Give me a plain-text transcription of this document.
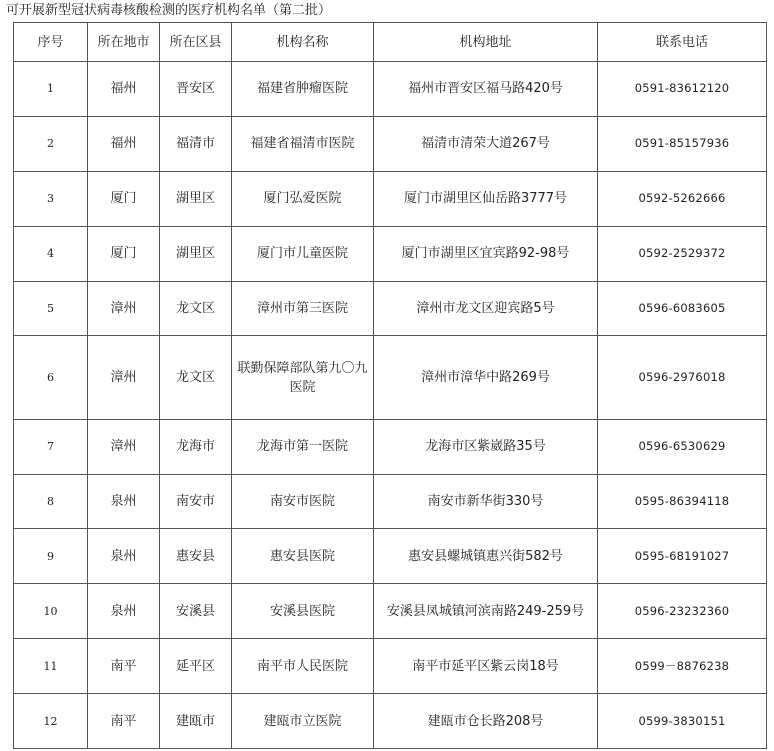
可开展新型冠状病毒核酸检测的医疗机构名单（第二批）
序号	所在地市	所在区县	机构名称	机构地址	联系电话
1	福州	晋安区	福建省肿瘤医院	福州市晋安区福马路420号	0591-83612120
2	福州	福清市	福建省福清市医院	福清市清荣大道267号	0591-85157936
3	厦门	湖里区	厦门弘爱医院	厦门市湖里区仙岳路3777号	0592-5262666
4	厦门	湖里区	厦门市儿童医院	厦门市湖里区宜宾路92-98号	0592-2529372
5	漳州	龙文区	漳州市第三医院	漳州市龙文区迎宾路5号	0596-6083605
6	漳州	龙文区	联勤保障部队第九〇九医院	漳州市漳华中路269号	0596-2976018
7	漳州	龙海市	龙海市第一医院	龙海市区紫崴路35号	0596-6530629
8	泉州	南安市	南安市医院	南安市新华街330号	0595-86394118
9	泉州	惠安县	惠安县医院	惠安县螺城镇惠兴街582号	0595-68191027
10	泉州	安溪县	安溪县医院	安溪县凤城镇河滨南路249-259号	0596-23232360
11	南平	延平区	南平市人民医院	南平市延平区紫云岗18号	0599－8876238
12	南平	建瓯市	建瓯市立医院	建瓯市仓长路208号	0599-3830151
